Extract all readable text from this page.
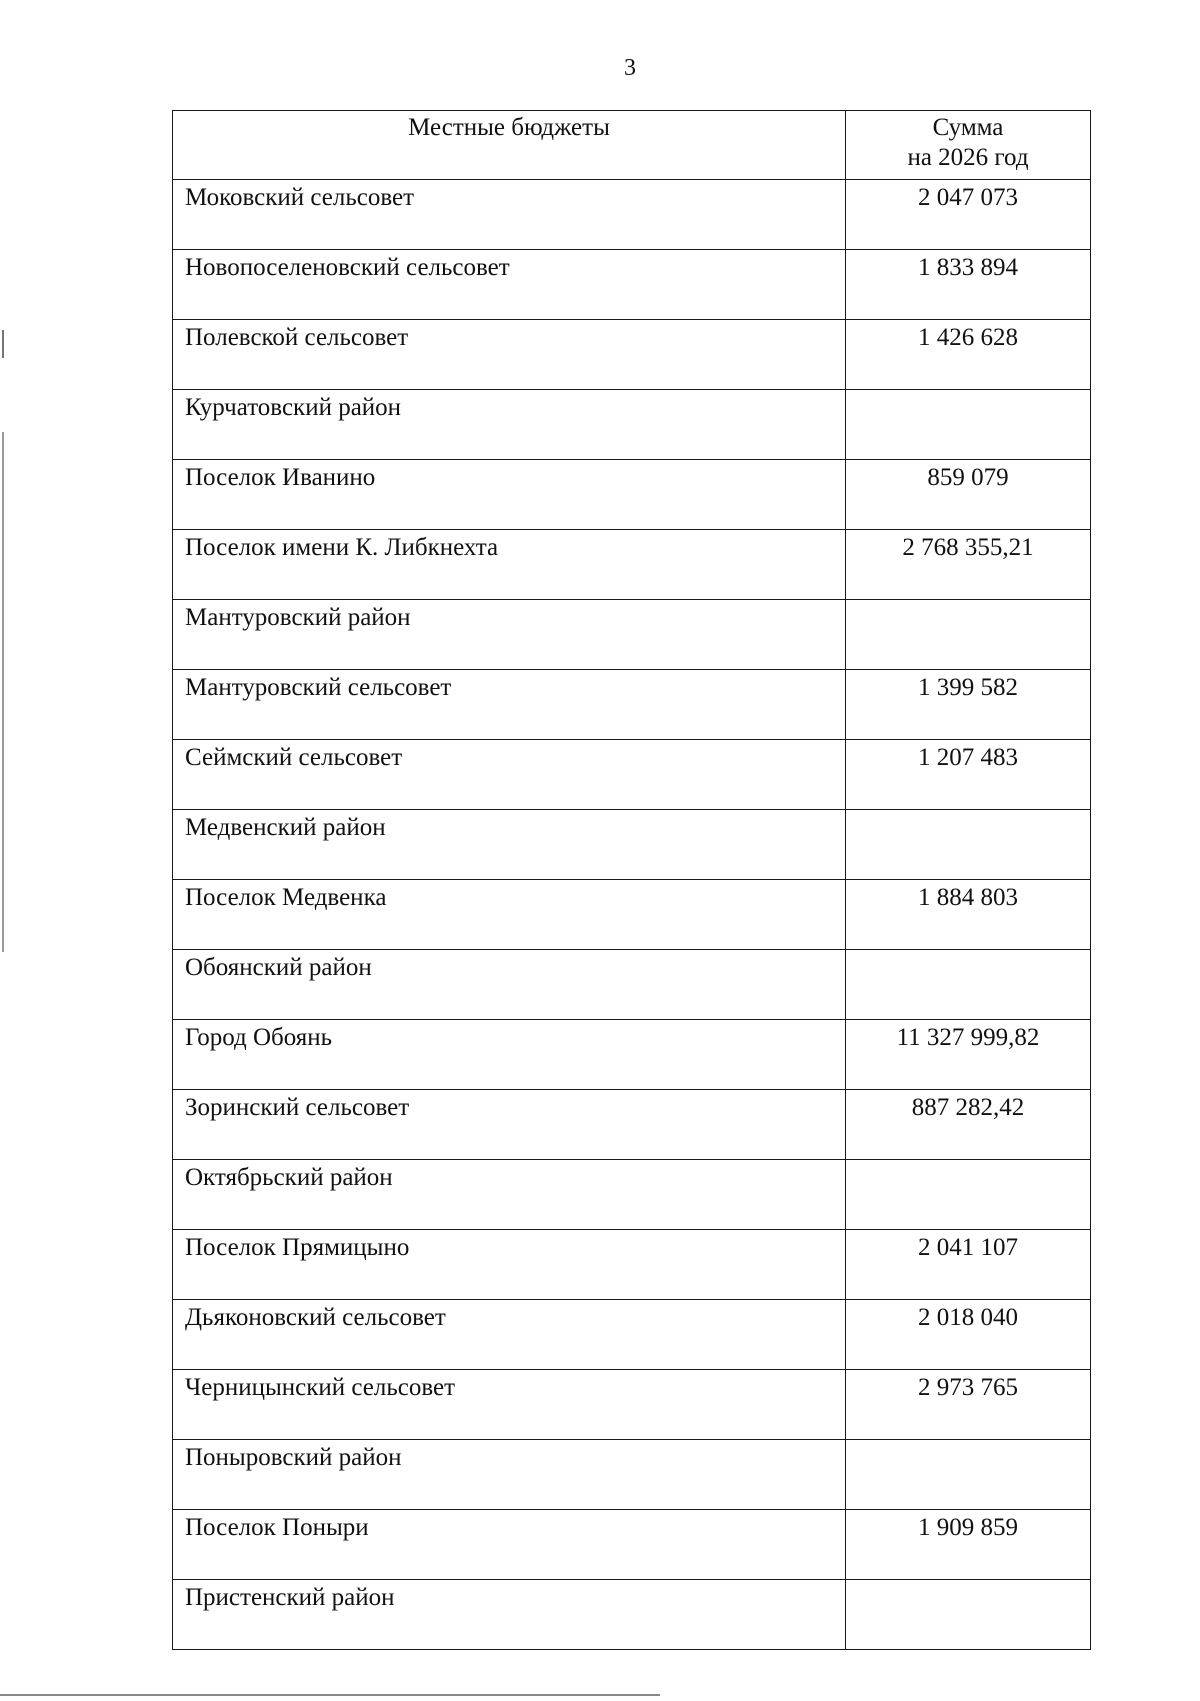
3
Местные бюджеты	Сумма
на 2026 год

Моковский сельсовет	2 047 073
Новопоселеновский сельсовет	1 833 894
Полевской сельсовет	1 426 628
Курчатовский район	
Поселок Иванино	859 079
Поселок имени К. Либкнехта	2 768 355,21
Мантуровский район	
Мантуровский сельсовет	1 399 582
Сеймский сельсовет	1 207 483
Медвенский район	
Поселок Медвенка	1 884 803
Обоянский район	
Город Обоянь	11 327 999,82
Зоринский сельсовет	887 282,42
Октябрьский район	
Поселок Прямицыно	2 041 107
Дьяконовский сельсовет	2 018 040
Черницынский сельсовет	2 973 765
Поныровский район	
Поселок Поныри	1 909 859
Пристенский район	
